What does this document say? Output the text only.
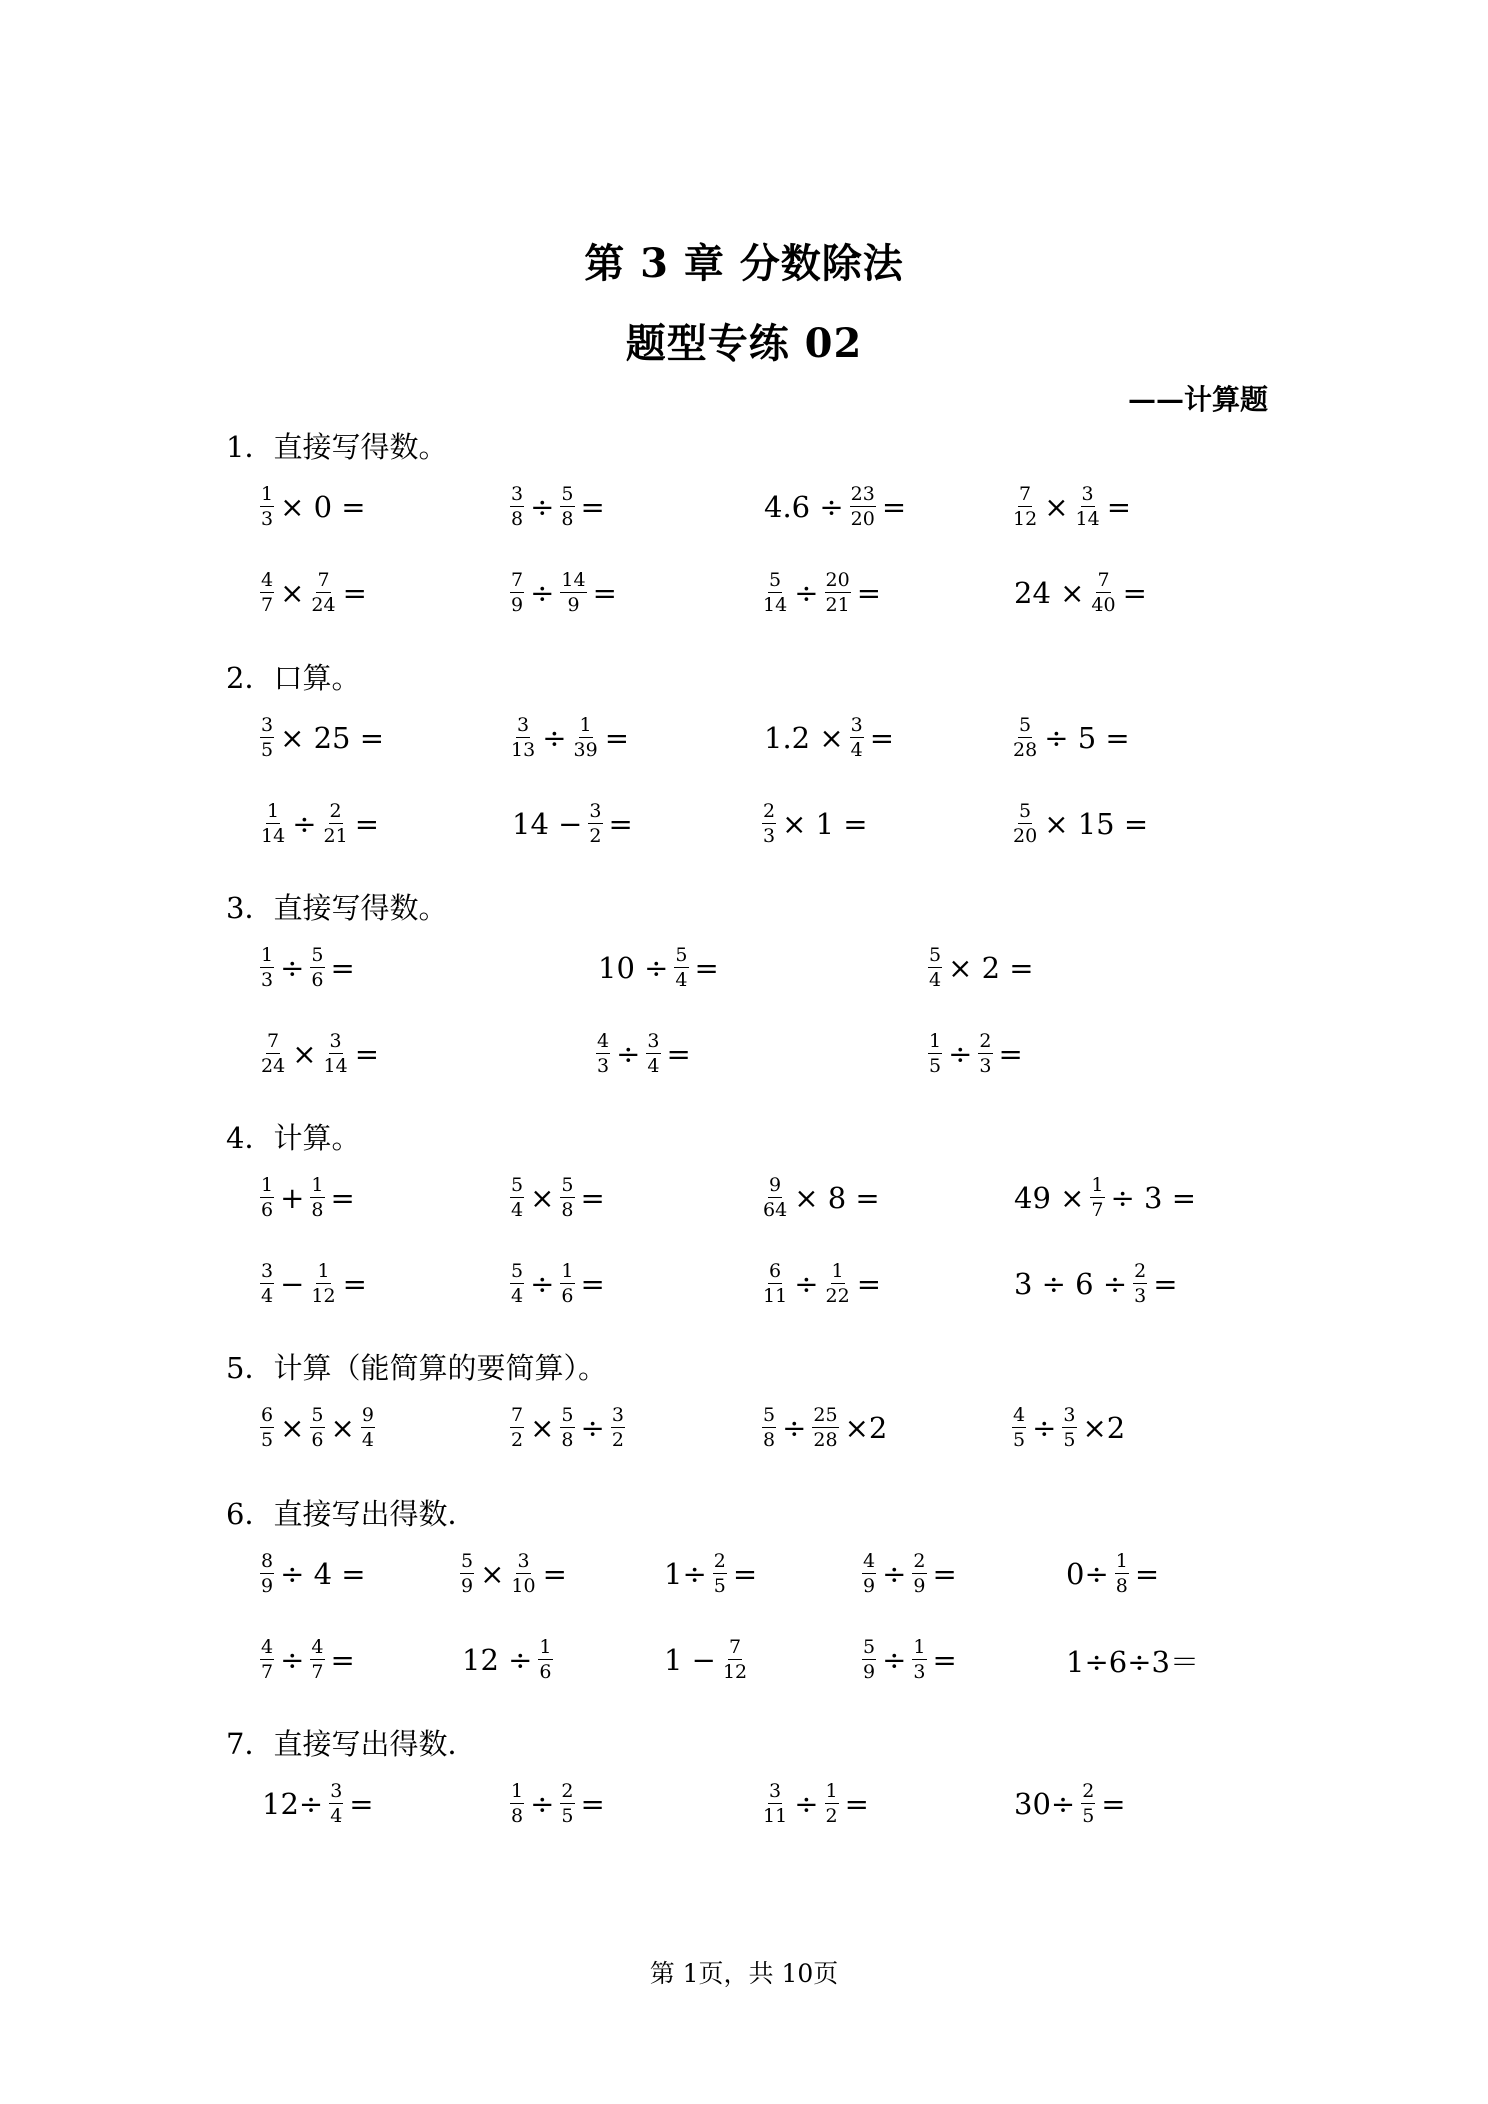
第 3 章 分数除法
题型专练 02
——计算题
1．直接写得数。
$\frac{1}{3} \times 0$ =	$\frac{3}{8} \div \frac{5}{8}$ =	$4.6 \div \frac{23}{20}$ =	$\frac{7}{12} \times \frac{3}{14}$ =
$\frac{4}{7} \times \frac{7}{24}$ =	$\frac{7}{9} \div \frac{14}{9}$ =	$\frac{5}{14} \div \frac{20}{21}$ =	$24 \times \frac{7}{40}$ =
2．口算。
$\frac{3}{5} \times 25$ =	$\frac{3}{13} \div \frac{1}{39}$ =	$1.2 \times \frac{3}{4}$ =	$\frac{5}{28} \div 5$ =
$\frac{1}{14} \div \frac{2}{21}$ =	$14 - \frac{3}{2}$ =	$\frac{2}{3} \times 1$ =	$\frac{5}{20} \times 15$ =
3．直接写得数。
$\frac{1}{3} \div \frac{5}{6}$ =	$10 \div \frac{5}{4}$ =	$\frac{5}{4} \times 2$ =
$\frac{7}{24} \times \frac{3}{14}$ =	$\frac{4}{3} \div \frac{3}{4}$ =	$\frac{1}{5} \div \frac{2}{3}$ =
4．计算。
$\frac{1}{6} + \frac{1}{8}$ =	$\frac{5}{4} \times \frac{5}{8}$ =	$\frac{9}{64} \times 8$ =	$49 \times \frac{1}{7} \div 3$ =
$\frac{3}{4} - \frac{1}{12}$ =	$\frac{5}{4} \div \frac{1}{6}$ =	$\frac{6}{11} \div \frac{1}{22}$ =	$3 \div 6 \div \frac{2}{3}$ =
5．计算（能简算的要简算）。
$\frac{6}{5} \times \frac{5}{6} \times \frac{9}{4}$	$\frac{7}{2} \times \frac{5}{8} \div \frac{3}{2}$	$\frac{5}{8} \div \frac{25}{28} \times 2$	$\frac{4}{5} \div \frac{3}{5} \times 2$
6．直接写出得数．
$\frac{8}{9} \div 4$ =	$\frac{5}{9} \times \frac{3}{10}$ =	$1\div \frac{2}{5}$ =	$\frac{4}{9} \div \frac{2}{9}$ =	$0\div \frac{1}{8}$ =
$\frac{4}{7} \div \frac{4}{7}$ =	$12 \div \frac{1}{6}$	$1 - \frac{7}{12}$	$\frac{5}{9} \div \frac{1}{3}$ =	1÷6÷3＝
7．直接写出得数．
$12\div \frac{3}{4}$ =	$\frac{1}{8} \div \frac{2}{5}$ =	$\frac{3}{11} \div \frac{1}{2}$ =	$30\div \frac{2}{5}$ =
第 1页，共 10页
